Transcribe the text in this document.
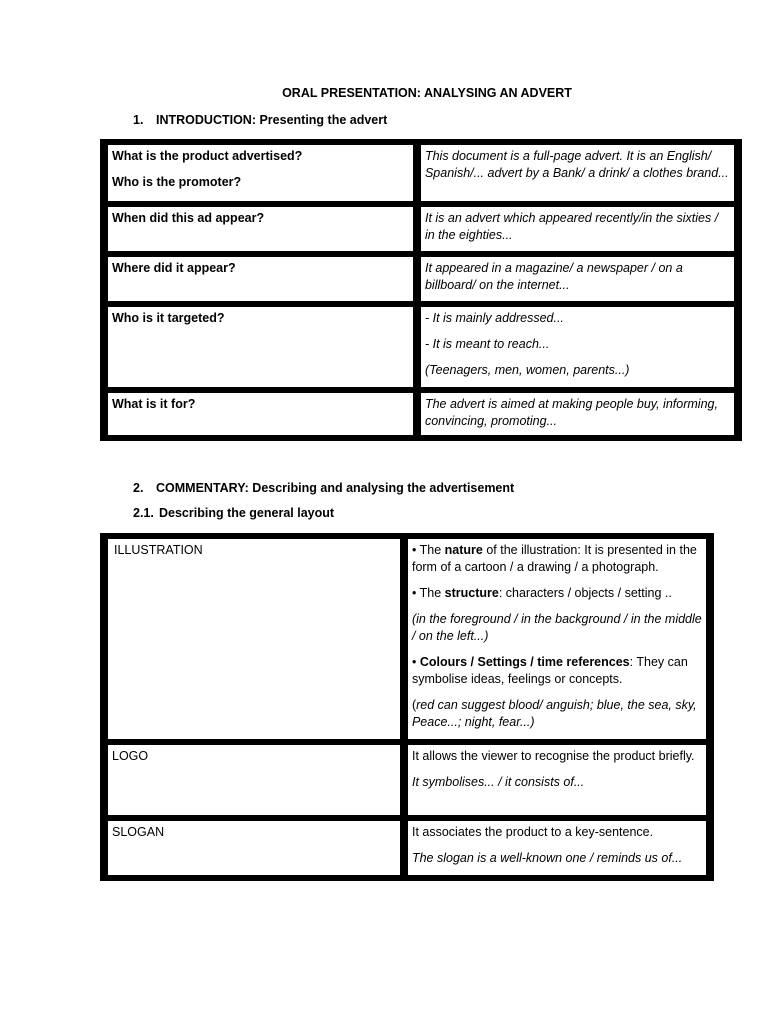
ORAL PRESENTATION: ANALYSING AN ADVERT
1. INTRODUCTION: Presenting the advert

What is the product advertised?

Who is the promoter?	This document is a full-page advert. It is an English/ Spanish/... advert by a Bank/ a drink/ a clothes brand...
When did this ad appear?	It is an advert which appeared recently/in the sixties / in the eighties...
Where did it appear?	It appeared in a magazine/ a newspaper / on a billboard/ on the internet...
Who is it targeted?	- It is mainly addressed...

- It is meant to reach...

(Teenagers, men, women, parents...)

What is it for?	The advert is aimed at making people buy, informing, convincing, promoting...
2. COMMENTARY: Describing and analysing the advertisement
2.1. Describing the general layout
ILLUSTRATION	• The nature of the illustration: It is presented in the form of a cartoon / a drawing / a photograph.

• The structure: characters / objects / setting ..

(in the foreground / in the background / in the middle / on the left...)

• Colours / Settings / time references: They can symbolise ideas, feelings or concepts.

(red can suggest blood/ anguish; blue, the sea, sky, Peace...; night, fear...)

LOGO	It allows the viewer to recognise the product briefly.

It symbolises... / it consists of...

SLOGAN	It associates the product to a key-sentence.

The slogan is a well-known one / reminds us of...
